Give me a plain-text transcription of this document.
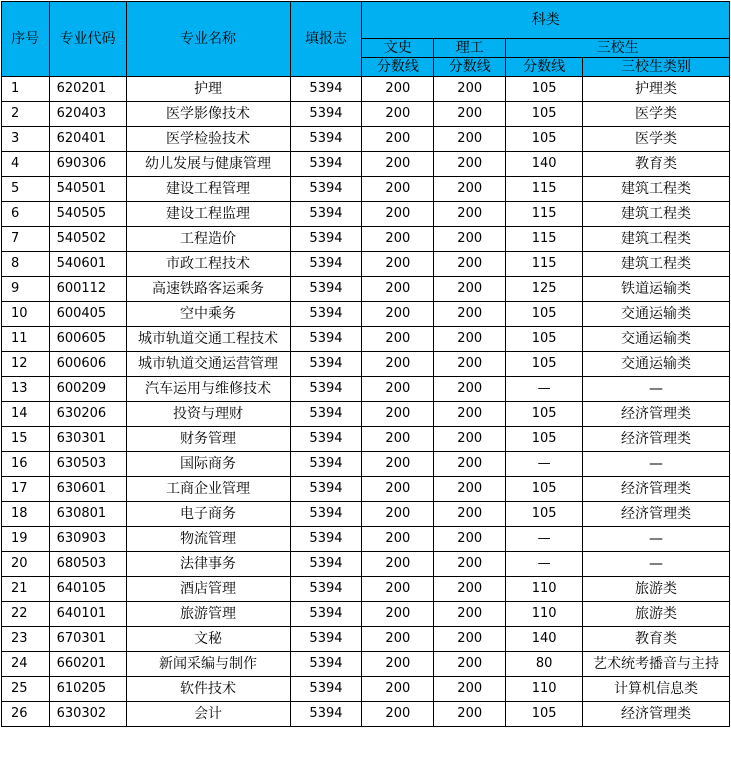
序号	专业代码	专业名称	填报志	科类			
				文史	理工	三校生	
				分数线	分数线	分数线	三校生类别
1	620201	护理	5394	200	200	105	护理类
2	620403	医学影像技术	5394	200	200	105	医学类
3	620401	医学检验技术	5394	200	200	105	医学类
4	690306	幼儿发展与健康管理	5394	200	200	140	教育类
5	540501	建设工程管理	5394	200	200	115	建筑工程类
6	540505	建设工程监理	5394	200	200	115	建筑工程类
7	540502	工程造价	5394	200	200	115	建筑工程类
8	540601	市政工程技术	5394	200	200	115	建筑工程类
9	600112	高速铁路客运乘务	5394	200	200	125	铁道运输类
10	600405	空中乘务	5394	200	200	105	交通运输类
11	600605	城市轨道交通工程技术	5394	200	200	105	交通运输类
12	600606	城市轨道交通运营管理	5394	200	200	105	交通运输类
13	600209	汽车运用与维修技术	5394	200	200	—	—
14	630206	投资与理财	5394	200	200	105	经济管理类
15	630301	财务管理	5394	200	200	105	经济管理类
16	630503	国际商务	5394	200	200	—	—
17	630601	工商企业管理	5394	200	200	105	经济管理类
18	630801	电子商务	5394	200	200	105	经济管理类
19	630903	物流管理	5394	200	200	—	—
20	680503	法律事务	5394	200	200	—	—
21	640105	酒店管理	5394	200	200	110	旅游类
22	640101	旅游管理	5394	200	200	110	旅游类
23	670301	文秘	5394	200	200	140	教育类
24	660201	新闻采编与制作	5394	200	200	80	艺术统考播音与主持
25	610205	软件技术	5394	200	200	110	计算机信息类
26	630302	会计	5394	200	200	105	经济管理类
